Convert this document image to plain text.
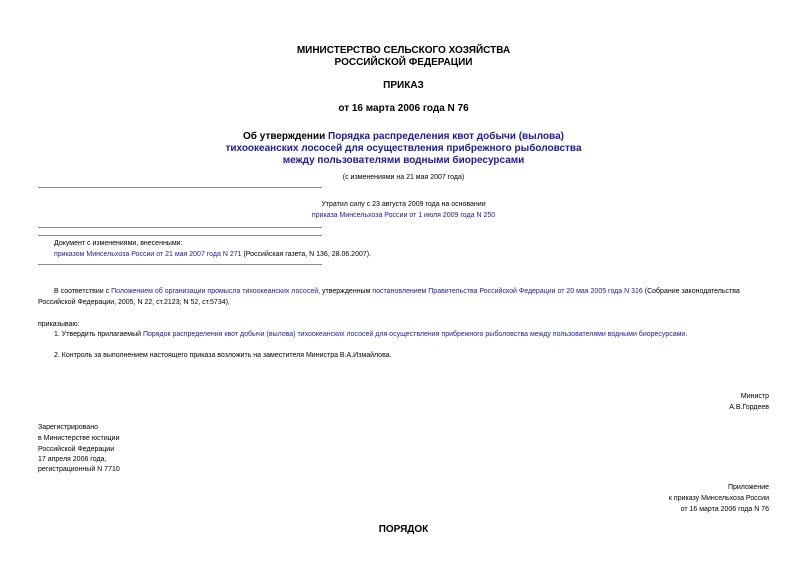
МИНИСТЕРСТВО СЕЛЬСКОГО ХОЗЯЙСТВА
РОССИЙСКОЙ ФЕДЕРАЦИИ
ПРИКАЗ
от 16 марта 2006 года N 76
Об утверждении Порядка распределения квот добычи (вылова)
тихоокеанских лососей для осуществления прибрежного рыболовства
между пользователями водными биоресурсами
(с изменениями на 21 мая 2007 года)
Утратил силу с 23 августа 2009 года на основании
приказа Минсельхоза России от 1 июля 2009 года N 250
Документ с изменениями, внесенными:
приказом Минсельхоза России от 21 мая 2007 года N 271 (Российская газета, N 136, 28.06.2007).
В соответствии с Положением об организации промысла тихоокеанских лососей, утвержденным постановлением Правительства Российской Федерации от 20 мая 2005 года N 316 (Собрание законодательства
Российской Федерации, 2005, N 22, ст.2123; N 52, ст.5734),
приказываю:
1. Утвердить прилагаемый Порядок распределения квот добычи (вылова) тихоокеанских лососей для осуществления прибрежного рыболовства между пользователями водными биоресурсами.
2. Контроль за выполнением настоящего приказа возложить на заместителя Министра В.А.Измайлова.
Министр
А.В.Гордеев
Зарегистрировано
в Министерстве юстиции
Российской Федерации
17 апреля 2006 года,
регистрационный N 7710
Приложение
к приказу Минсельхоза России
от 16 марта 2006 года N 76
ПОРЯДОК
